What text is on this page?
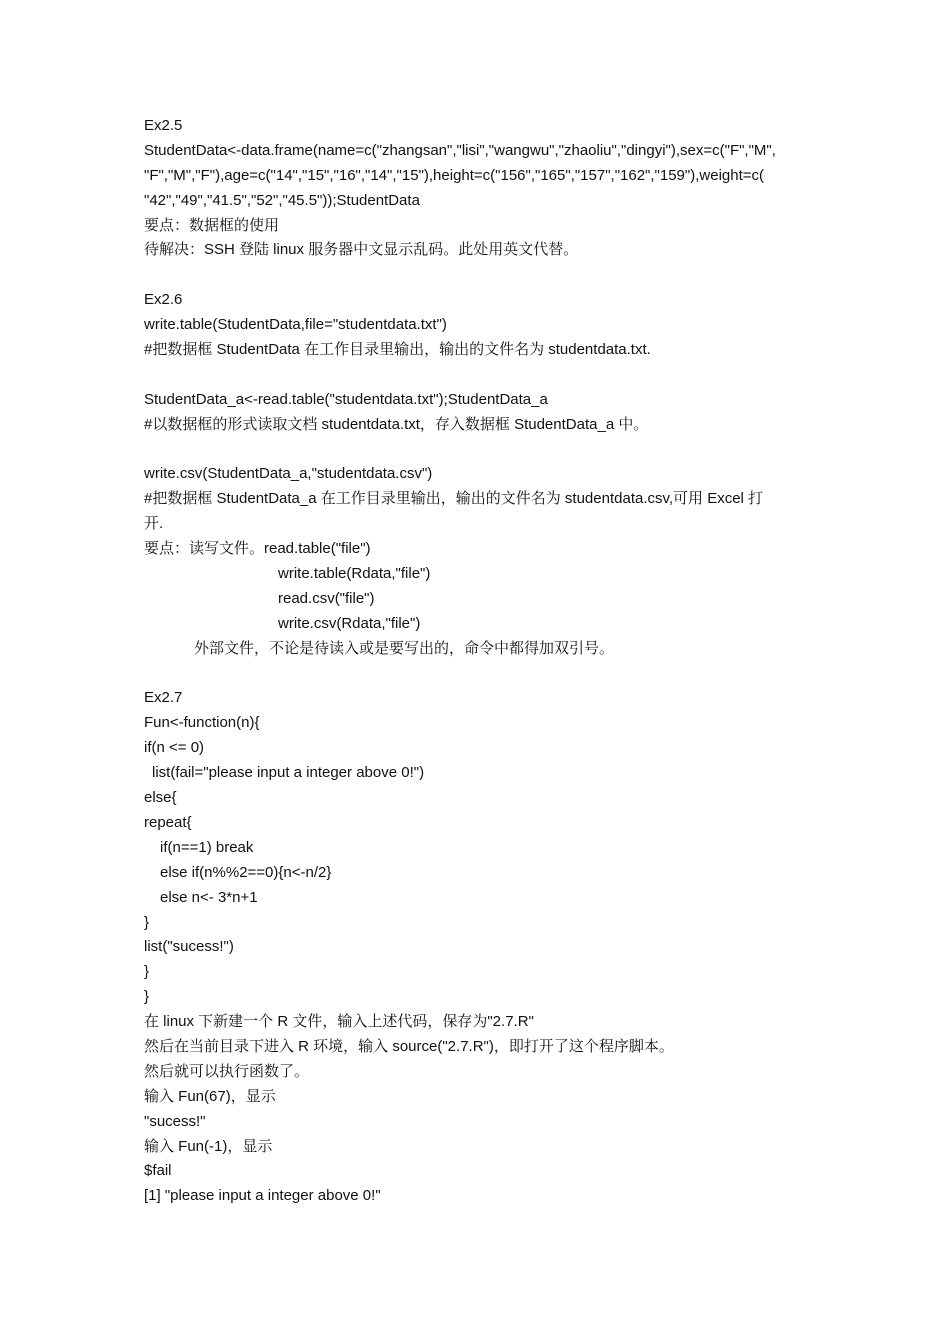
Ex2.5
StudentData<-data.frame(name=c("zhangsan","lisi","wangwu","zhaoliu","dingyi"),sex=c("F","M",
"F","M","F"),age=c("14","15","16","14","15"),height=c("156","165","157","162","159"),weight=c(
"42","49","41.5","52","45.5"));StudentData
要点：数据框的使用
待解决：SSH 登陆 linux 服务器中文显示乱码。此处用英文代替。
Ex2.6
write.table(StudentData,file="studentdata.txt")
#把数据框 StudentData 在工作目录里输出，输出的文件名为 studentdata.txt.
StudentData_a<-read.table("studentdata.txt");StudentData_a
#以数据框的形式读取文档 studentdata.txt，存入数据框 StudentData_a 中。
write.csv(StudentData_a,"studentdata.csv")
#把数据框 StudentData_a 在工作目录里输出，输出的文件名为 studentdata.csv,可用 Excel 打
开.
要点：读写文件。read.table("file")
write.table(Rdata,"file")
read.csv("file")
write.csv(Rdata,"file")
外部文件，不论是待读入或是要写出的，命令中都得加双引号。
Ex2.7
Fun<-function(n){
if(n <= 0)
list(fail="please input a integer above 0!")
else{
repeat{
if(n==1) break
else if(n%%2==0){n<-n/2}
else n<- 3*n+1
}
list("sucess!")
}
}
在 linux 下新建一个 R 文件，输入上述代码，保存为"2.7.R"
然后在当前目录下进入 R 环境，输入 source("2.7.R")，即打开了这个程序脚本。
然后就可以执行函数了。
输入 Fun(67)，显示
"sucess!"
输入 Fun(-1)，显示
$fail
[1] "please input a integer above 0!"
